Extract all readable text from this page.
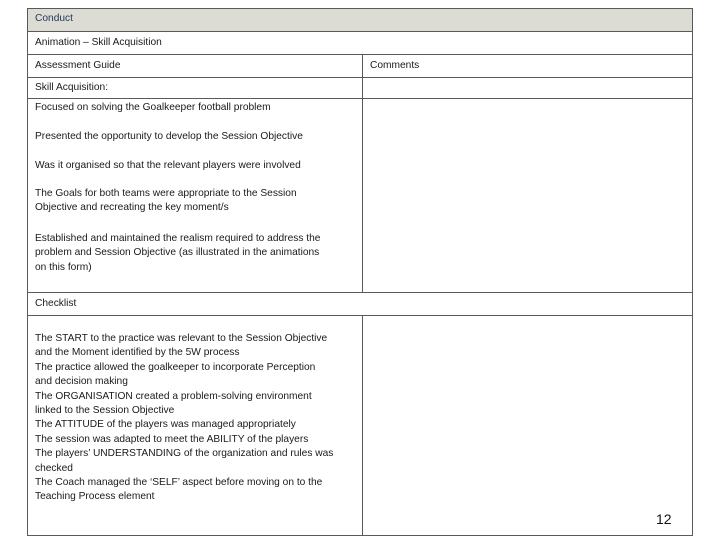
Conduct
Animation – Skill Acquisition
Assessment Guide	Comments
Skill Acquisition:
Focused on solving the Goalkeeper football problem
Presented the opportunity to develop the Session Objective
Was it organised so that the relevant players were involved
The Goals for both teams were appropriate to the Session
Objective and recreating the key moment/s
Established and maintained the realism required to address the
problem and Session Objective (as illustrated in the animations
on this form)
Checklist
The START to the practice was relevant to the Session Objective
and the Moment identified by the 5W process
The practice allowed the goalkeeper to incorporate Perception
and decision making
The ORGANISATION created a problem-solving environment
linked to the Session Objective
The ATTITUDE of the players was managed appropriately
The session was adapted to meet the ABILITY of the players
The players’ UNDERSTANDING of the organization and rules was
checked
The Coach managed the ‘SELF’ aspect before moving on to the
Teaching Process element
12
